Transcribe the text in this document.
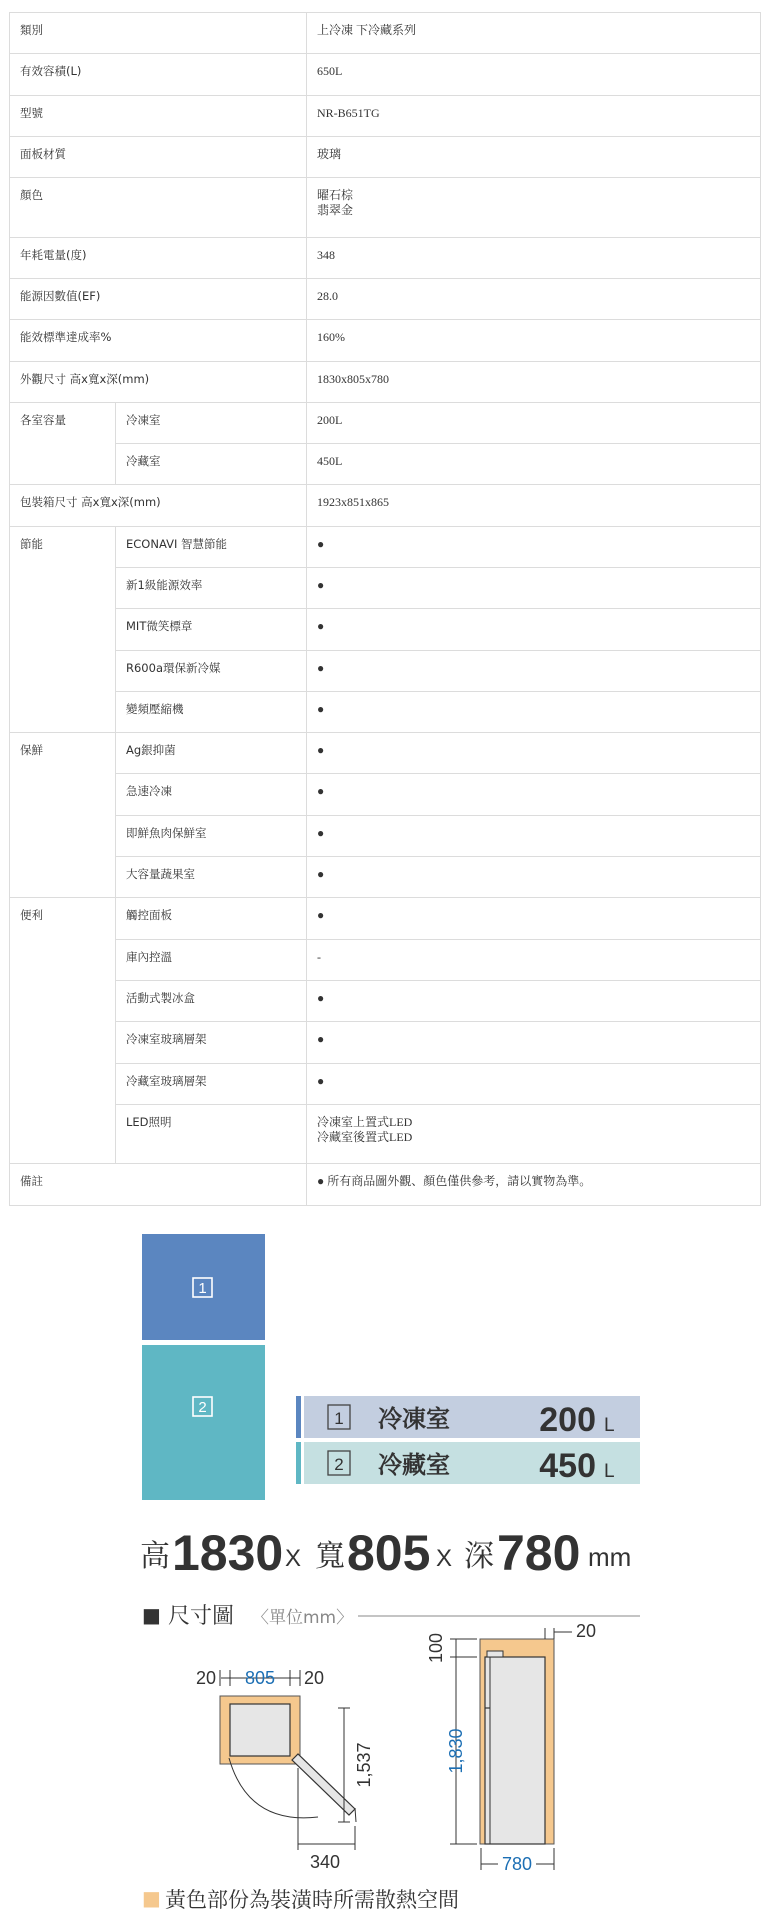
類別		上冷凍 下冷藏系列

有效容積(L)		650L

型號		NR-B651TG

面板材質		玻璃

顏色		曜石棕
翡翠金

年耗電量(度)		348

能源因數值(EF)		28.0

能效標準達成率%		160%

外觀尺寸 高x寬x深(mm)		1830x805x780

各室容量	冷凍室	200L

	冷藏室	450L

包裝箱尺寸 高x寬x深(mm)		1923x851x865

節能	ECONAVI 智慧節能	●

	新1級能源效率	●

	MIT微笑標章	●

	R600a環保新冷媒	●

	變頻壓縮機	●

保鮮	Ag銀抑菌	●

	急速冷凍	●

	即鮮魚肉保鮮室	●

	大容量蔬果室	●

便利	觸控面板	●

	庫內控溫	-

	活動式製冰盒	●

	冷凍室玻璃層架	●

	冷藏室玻璃層架	●

	LED照明	冷凍室上置式LED
冷藏室後置式LED

備註		● 所有商品圖外觀、顏色僅供參考，請以實物為準。
1
2
1 冷凍室	200 L
2 冷藏室	450 L
高 1830 X 寬 805 X 深 780 mm
■ 尺寸圖 〈單位mm〉
20 805 20
1,537
340
100
1,830
20
780
■ 黃色部份為裝潢時所需散熱空間
